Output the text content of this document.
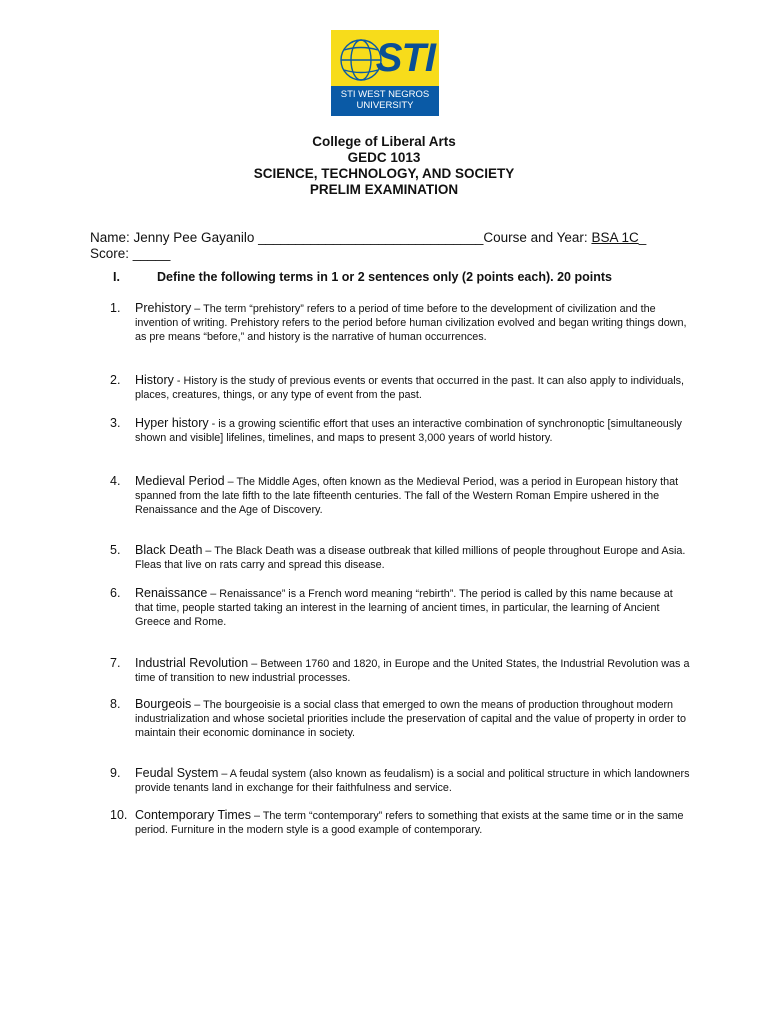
STI
STI WEST NEGROS
UNIVERSITY
College of Liberal Arts
GEDC 1013
SCIENCE, TECHNOLOGY, AND SOCIETY
PRELIM EXAMINATION
Name: Jenny Pee Gayanilo ______________________________Course and Year: BSA 1C_
Score: _____
I.	Define the following terms in 1 or 2 sentences only (2 points each). 20 points
1.	Prehistory – The term “prehistory” refers to a period of time before to the development of civilization and the invention of writing. Prehistory refers to the period before human civilization evolved and began writing things down, as pre means “before,” and history is the narrative of human occurrences.
2.	History - History is the study of previous events or events that occurred in the past. It can also apply to individuals, places, creatures, things, or any type of event from the past.
3.	Hyper history - is a growing scientific effort that uses an interactive combination of synchronoptic [simultaneously shown and visible] lifelines, timelines, and maps to present 3,000 years of world history.
4.	Medieval Period – The Middle Ages, often known as the Medieval Period, was a period in European history that spanned from the late fifth to the late fifteenth centuries. The fall of the Western Roman Empire ushered in the Renaissance and the Age of Discovery.
5.	Black Death – The Black Death was a disease outbreak that killed millions of people throughout Europe and Asia. Fleas that live on rats carry and spread this disease.
6.	Renaissance – Renaissance” is a French word meaning “rebirth”. The period is called by this name because at that time, people started taking an interest in the learning of ancient times, in particular, the learning of Ancient Greece and Rome.
7.	Industrial Revolution – Between 1760 and 1820, in Europe and the United States, the Industrial Revolution was a time of transition to new industrial processes.
8.	Bourgeois – The bourgeoisie is a social class that emerged to own the means of production throughout modern industrialization and whose societal priorities include the preservation of capital and the value of property in order to maintain their economic dominance in society.
9.	Feudal System – A feudal system (also known as feudalism) is a social and political structure in which landowners provide tenants land in exchange for their faithfulness and service.
10. Contemporary Times – The term “contemporary” refers to something that exists at the same time or in the same period. Furniture in the modern style is a good example of contemporary.
